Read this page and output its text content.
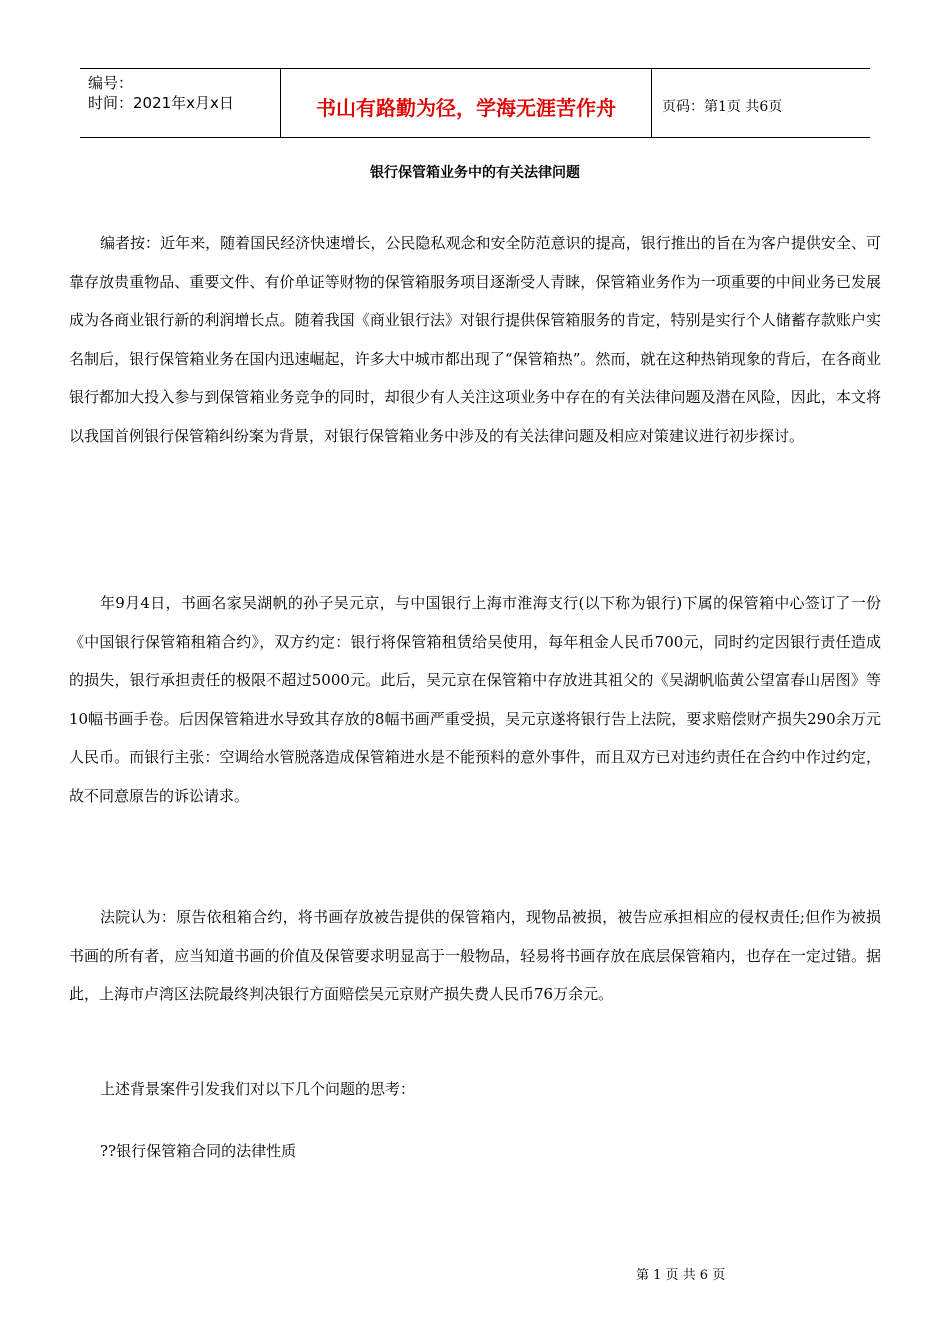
编号：
时间：2021年x月x日	书山有路勤为径，学海无涯苦作舟	页码：第1页 共6页
银行保管箱业务中的有关法律问题

编者按：近年来，随着国民经济快速增长，公民隐私观念和安全防范意识的提高，银行推出的旨在为客户提供安全、可靠存放贵重物品、重要文件、有价单证等财物的保管箱服务项目逐渐受人青睐，保管箱业务作为一项重要的中间业务已发展成为各商业银行新的利润增长点。随着我国《商业银行法》对银行提供保管箱服务的肯定，特别是实行个人储蓄存款账户实名制后，银行保管箱业务在国内迅速崛起，许多大中城市都出现了“保管箱热”。然而，就在这种热销现象的背后，在各商业银行都加大投入参与到保管箱业务竞争的同时，却很少有人关注这项业务中存在的有关法律问题及潜在风险，因此，本文将以我国首例银行保管箱纠纷案为背景，对银行保管箱业务中涉及的有关法律问题及相应对策建议进行初步探讨。

年9月4日，书画名家吴湖帆的孙子吴元京，与中国银行上海市淮海支行(以下称为银行)下属的保管箱中心签订了一份《中国银行保管箱租箱合约》，双方约定：银行将保管箱租赁给吴使用，每年租金人民币700元，同时约定因银行责任造成的损失，银行承担责任的极限不超过5000元。此后，吴元京在保管箱中存放进其祖父的《吴湖帆临黄公望富春山居图》等10幅书画手卷。后因保管箱进水导致其存放的8幅书画严重受损，吴元京遂将银行告上法院，要求赔偿财产损失290余万元人民币。而银行主张：空调给水管脱落造成保管箱进水是不能预料的意外事件，而且双方已对违约责任在合约中作过约定，故不同意原告的诉讼请求。

法院认为：原告依租箱合约，将书画存放被告提供的保管箱内，现物品被损，被告应承担相应的侵权责任;但作为被损书画的所有者，应当知道书画的价值及保管要求明显高于一般物品，轻易将书画存放在底层保管箱内，也存在一定过错。据此，上海市卢湾区法院最终判决银行方面赔偿吴元京财产损失费人民币76万余元。

上述背景案件引发我们对以下几个问题的思考：

??银行保管箱合同的法律性质

第 1 页 共 6 页
